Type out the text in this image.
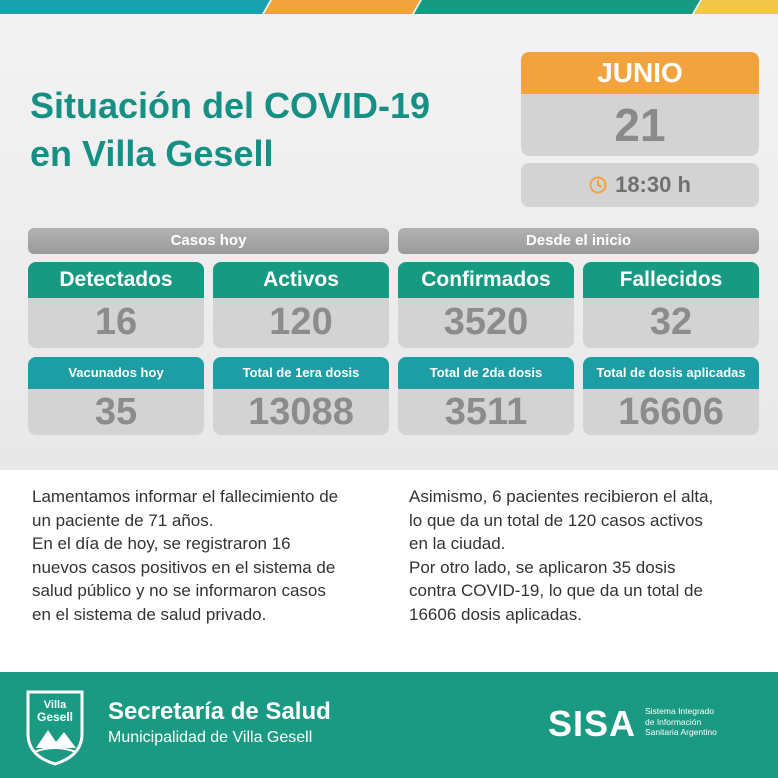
Situación del COVID-19
en Villa Gesell
JUNIO
21
18:30 h
Casos hoy	Desde el inicio
Detectados
16
Activos
120
Confirmados
3520
Fallecidos
32
Vacunados hoy
35
Total de 1era dosis
13088
Total de 2da dosis
3511
Total de dosis aplicadas
16606
Lamentamos informar el fallecimiento de
un paciente de 71 años.
En el día de hoy, se registraron 16
nuevos casos positivos en el sistema de
salud público y no se informaron casos
en el sistema de salud privado.
Asimismo, 6 pacientes recibieron el alta,
lo que da un total de 120 casos activos
en la ciudad.
Por otro lado, se aplicaron 35 dosis
contra COVID-19, lo que da un total de
16606 dosis aplicadas.
Villa
Gesell Secretaría de Salud
Municipalidad de Villa Gesell	SISA Sistema Integrado
de Información
Sanitaria Argentino
